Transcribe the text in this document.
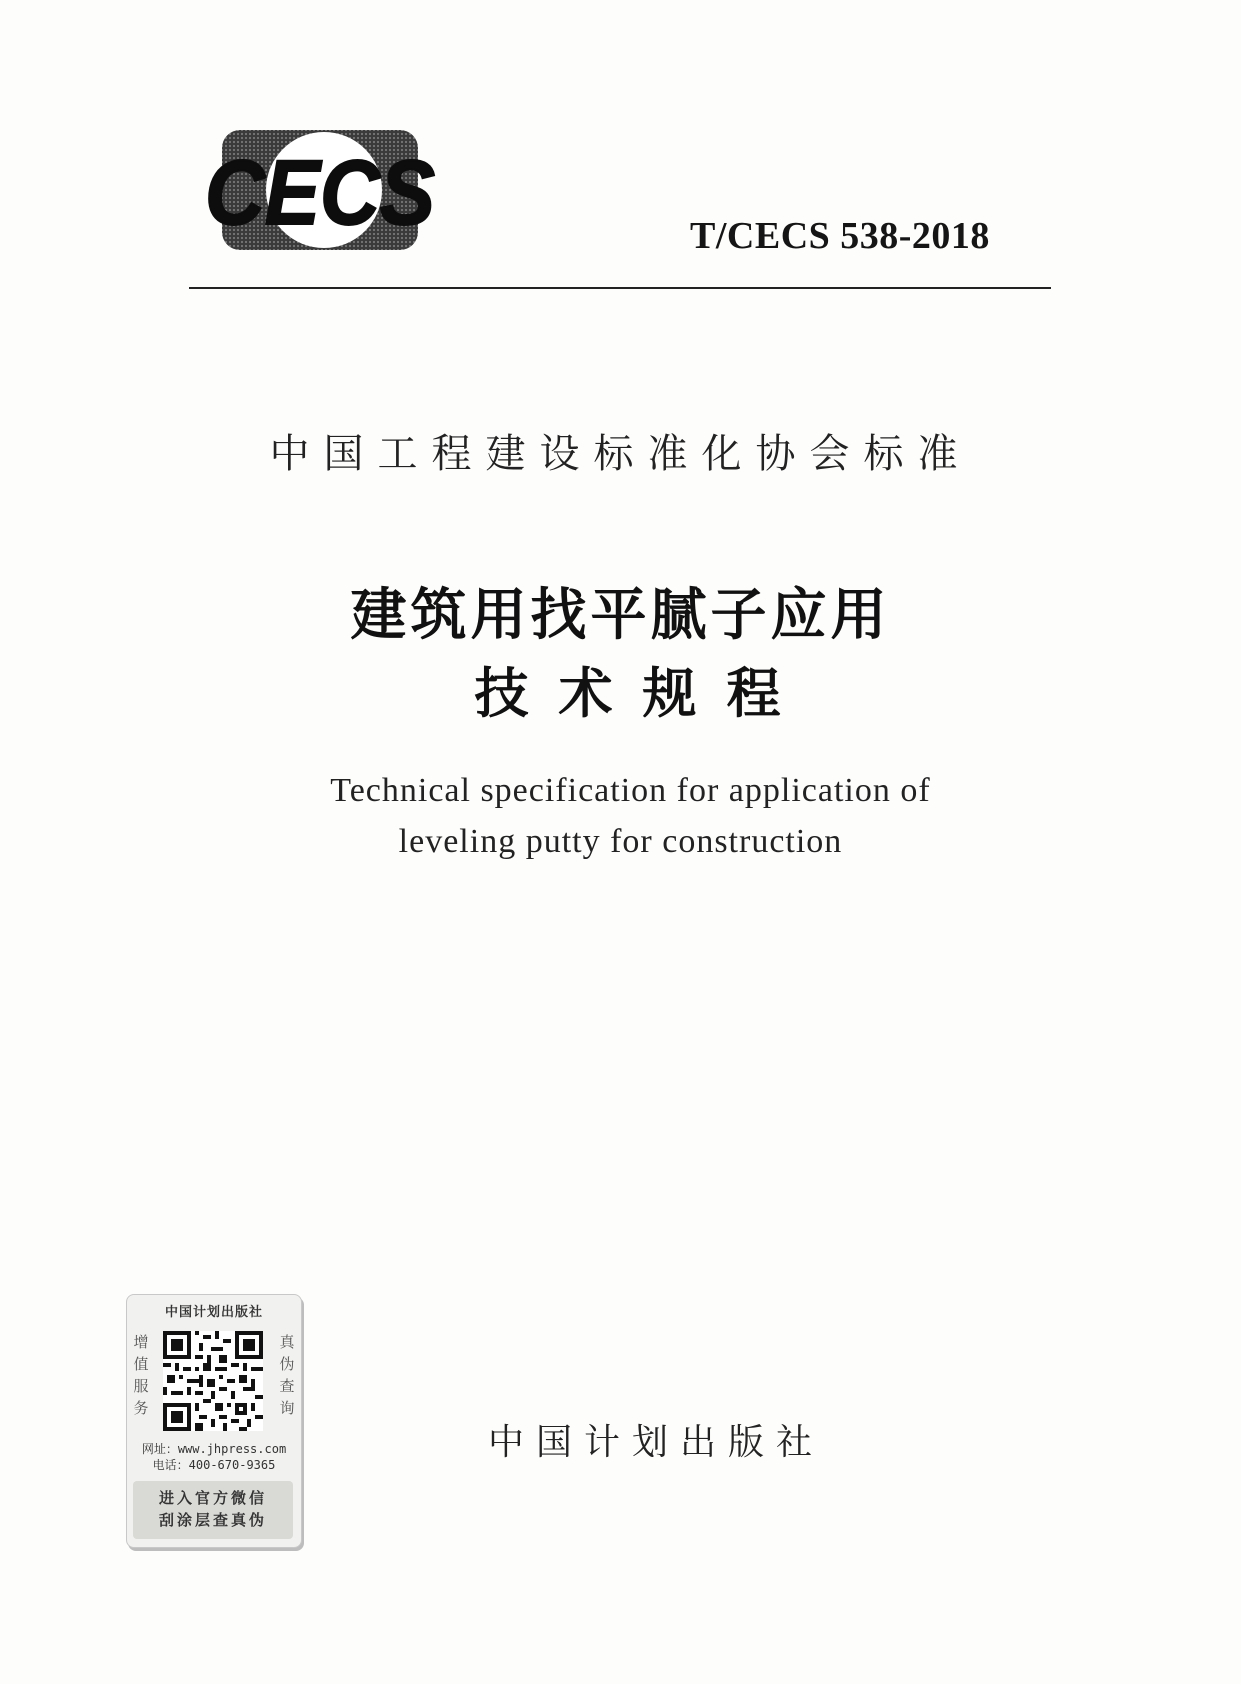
CECS	T/CECS 538-2018
中国工程建设标准化协会标准
建筑用找平腻子应用
技术规程
Technical specification for application of
leveling putty for construction
中国计划出版社
增
值
服
务
真
伪
查
询
网址：www.jhpress.com
电话：400-670-9365
进入官方微信
刮涂层查真伪
中国计划出版社
